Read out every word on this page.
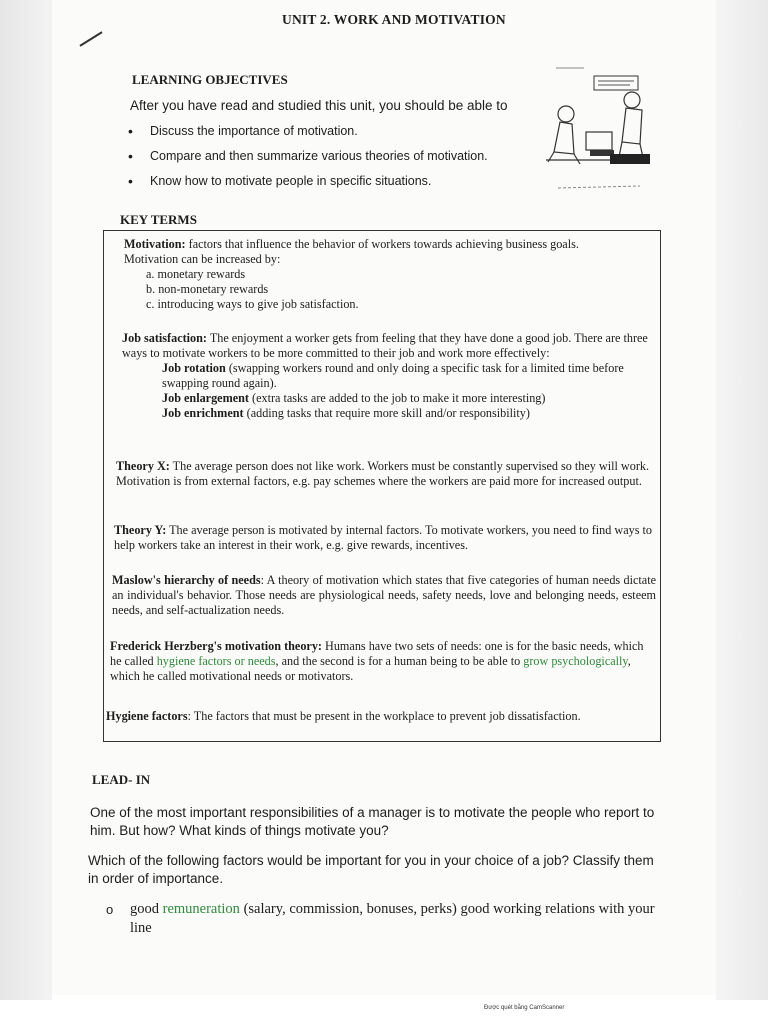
UNIT 2. WORK AND MOTIVATION
LEARNING OBJECTIVES
After you have read and studied this unit, you should be able to
• Discuss the importance of motivation.
• Compare and then summarize various theories of motivation.
• Know how to motivate people in specific situations.
KEY TERMS
Motivation: factors that influence the behavior of workers towards achieving business goals.
Motivation can be increased by:
a. monetary rewards
b. non-monetary rewards
c. introducing ways to give job satisfaction.
Job satisfaction: The enjoyment a worker gets from feeling that they have done a good job. There are three ways to motivate workers to be more committed to their job and work more effectively:
Job rotation (swapping workers round and only doing a specific task for a limited time before swapping round again).
Job enlargement (extra tasks are added to the job to make it more interesting)
Job enrichment (adding tasks that require more skill and/or responsibility)
Theory X: The average person does not like work. Workers must be constantly supervised so they will work. Motivation is from external factors, e.g. pay schemes where the workers are paid more for increased output.
Theory Y: The average person is motivated by internal factors. To motivate workers, you need to find ways to help workers take an interest in their work, e.g. give rewards, incentives.
Maslow's hierarchy of needs: A theory of motivation which states that five categories of human needs dictate an individual's behavior. Those needs are physiological needs, safety needs, love and belonging needs, esteem needs, and self-actualization needs.
Frederick Herzberg's motivation theory: Humans have two sets of needs: one is for the basic needs, which he called hygiene factors or needs, and the second is for a human being to be able to grow psychologically, which he called motivational needs or motivators.
Hygiene factors: The factors that must be present in the workplace to prevent job dissatisfaction.
LEAD- IN
One of the most important responsibilities of a manager is to motivate the people who report to him. But how? What kinds of things motivate you?
Which of the following factors would be important for you in your choice of a job? Classify them in order of importance.
o	good remuneration (salary, commission, bonuses, perks) good working relations with your line
Được quét bằng CamScanner
